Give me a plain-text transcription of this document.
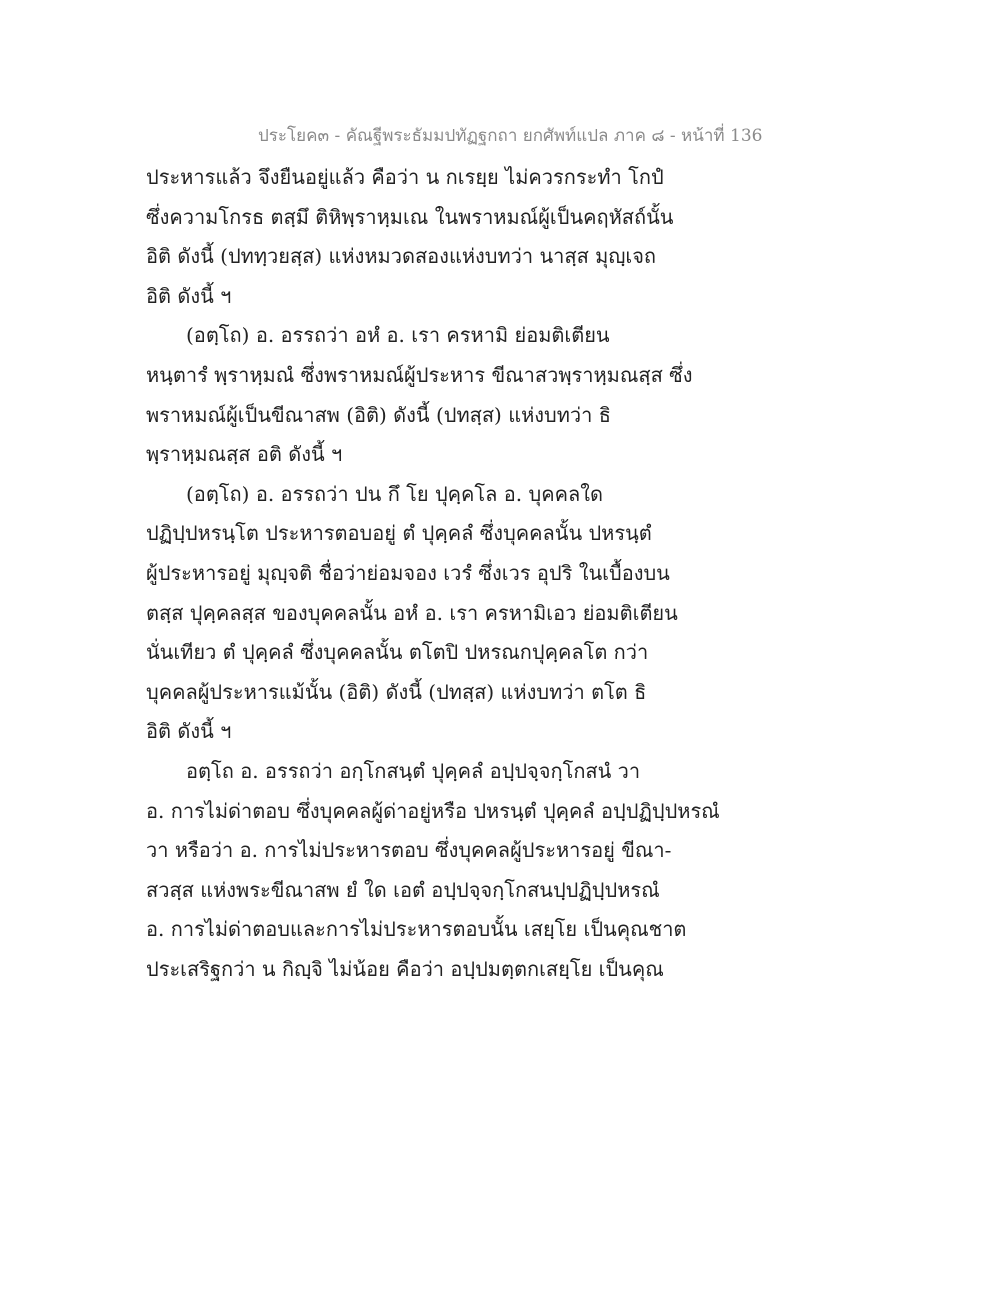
ประโยค๓ - คัณฐีพระธัมมปทัฏฐกถา ยกศัพท์แปล ภาค ๘ - หน้าที่ 136
ประหารแล้ว จึงยืนอยู่แล้ว คือว่า น กเรยฺย ไม่ควรกระทำ โกปํ
ซึ่งความโกรธ ตสฺมึ ติหิพฺราหฺมเณ ในพราหมณ์ผู้เป็นคฤหัสถ์นั้น
อิติ ดังนี้ (ปททฺวยสฺส) แห่งหมวดสองแห่งบทว่า นาสฺส มุญฺเจถ
อิติ ดังนี้ ฯ
(อตฺโถ) อ. อรรถว่า อหํ อ. เรา ครหามิ ย่อมติเตียน
หนฺตารํ พฺราหฺมณํ ซึ่งพราหมณ์ผู้ประหาร ขีณาสวพฺราหฺมณสฺส ซึ่ง
พราหมณ์ผู้เป็นขีณาสพ (อิติ) ดังนี้ (ปทสฺส) แห่งบทว่า ธิ
พฺราหฺมณสฺส อติ ดังนี้ ฯ
(อตฺโถ) อ. อรรถว่า ปน กึ โย ปุคฺคโล อ. บุคคลใด
ปฏิปฺปหรนฺโต ประหารตอบอยู่ ตํ ปุคฺคลํ ซึ่งบุคคลนั้น ปหรนฺตํ
ผู้ประหารอยู่ มุญฺจติ ชื่อว่าย่อมจอง เวรํ ซึ่งเวร อุปริ ในเบื้องบน
ตสฺส ปุคฺคลสฺส ของบุคคลนั้น อหํ อ. เรา ครหามิเอว ย่อมติเตียน
นั่นเทียว ตํ ปุคฺคลํ ซึ่งบุคคลนั้น ตโตปิ ปหรณกปุคฺคลโต กว่า
บุคคลผู้ประหารแม้นั้น (อิติ) ดังนี้ (ปทสฺส) แห่งบทว่า ตโต ธิ
อิติ ดังนี้ ฯ
อตฺโถ อ. อรรถว่า อกฺโกสนฺตํ ปุคฺคลํ อปฺปจฺจกฺโกสนํ วา
อ. การไม่ด่าตอบ ซึ่งบุคคลผู้ด่าอยู่หรือ ปหรนฺตํ ปุคฺคลํ อปฺปฏิปฺปหรณํ
วา หรือว่า อ. การไม่ประหารตอบ ซึ่งบุคคลผู้ประหารอยู่ ขีณา-
สวสฺส แห่งพระขีณาสพ ยํ ใด เอตํ อปฺปจฺจกฺโกสนปฺปฏิปฺปหรณํ
อ. การไม่ด่าตอบและการไม่ประหารตอบนั้น เสยฺโย เป็นคุณชาต
ประเสริฐกว่า น กิญฺจิ ไม่น้อย คือว่า อปฺปมตฺตกเสยฺโย เป็นคุณ
